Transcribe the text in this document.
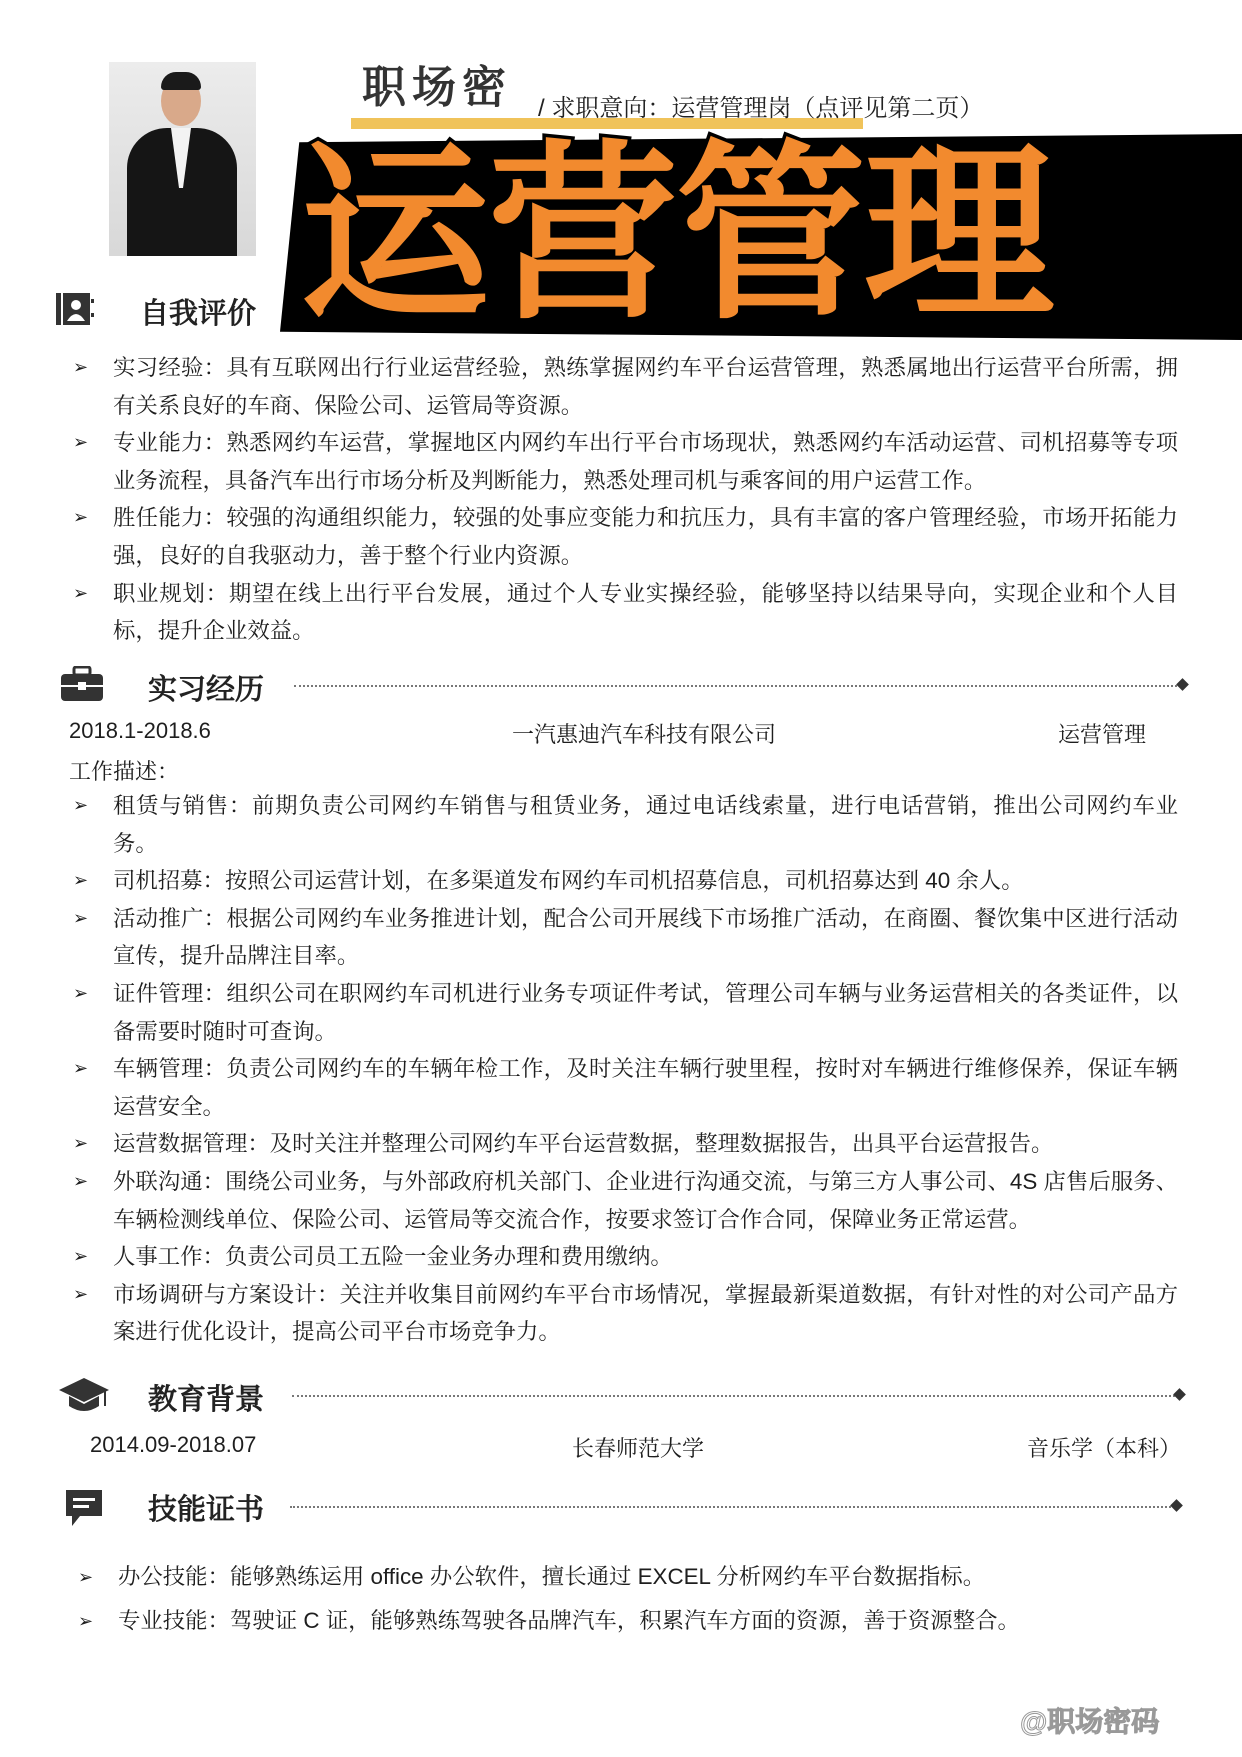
职场密 / 求职意向：运营管理岗（点评见第二页）
自我评价
➢	实习经验：具有互联网出行行业运营经验，熟练掌握网约车平台运营管理，熟悉属地出行运营平台所需，拥有关系良好的车商、保险公司、运管局等资源。
➢	专业能力：熟悉网约车运营，掌握地区内网约车出行平台市场现状，熟悉网约车活动运营、司机招募等专项业务流程，具备汽车出行市场分析及判断能力，熟悉处理司机与乘客间的用户运营工作。
➢	胜任能力：较强的沟通组织能力，较强的处事应变能力和抗压力，具有丰富的客户管理经验，市场开拓能力强，良好的自我驱动力，善于整个行业内资源。
➢	职业规划：期望在线上出行平台发展，通过个人专业实操经验，能够坚持以结果导向，实现企业和个人目标，提升企业效益。
运营管理
实习经历
2018.1-2018.6	一汽惠迪汽车科技有限公司	运营管理
工作描述：
➢	租赁与销售：前期负责公司网约车销售与租赁业务，通过电话线索量，进行电话营销，推出公司网约车业务。
➢	司机招募：按照公司运营计划，在多渠道发布网约车司机招募信息，司机招募达到 40 余人。
➢	活动推广：根据公司网约车业务推进计划，配合公司开展线下市场推广活动，在商圈、餐饮集中区进行活动宣传，提升品牌注目率。
➢	证件管理：组织公司在职网约车司机进行业务专项证件考试，管理公司车辆与业务运营相关的各类证件，以备需要时随时可查询。
➢	车辆管理：负责公司网约车的车辆年检工作，及时关注车辆行驶里程，按时对车辆进行维修保养，保证车辆运营安全。
➢	运营数据管理：及时关注并整理公司网约车平台运营数据，整理数据报告，出具平台运营报告。
➢	外联沟通：围绕公司业务，与外部政府机关部门、企业进行沟通交流，与第三方人事公司、4S 店售后服务、车辆检测线单位、保险公司、运管局等交流合作，按要求签订合作合同，保障业务正常运营。
➢	人事工作：负责公司员工五险一金业务办理和费用缴纳。
➢	市场调研与方案设计：关注并收集目前网约车平台市场情况，掌握最新渠道数据，有针对性的对公司产品方案进行优化设计，提高公司平台市场竞争力。
教育背景
2014.09-2018.07	长春师范大学	音乐学（本科）
技能证书
➢	办公技能：能够熟练运用 office 办公软件，擅长通过 EXCEL 分析网约车平台数据指标。
➢	专业技能：驾驶证 C 证，能够熟练驾驶各品牌汽车，积累汽车方面的资源，善于资源整合。
@职场密码
